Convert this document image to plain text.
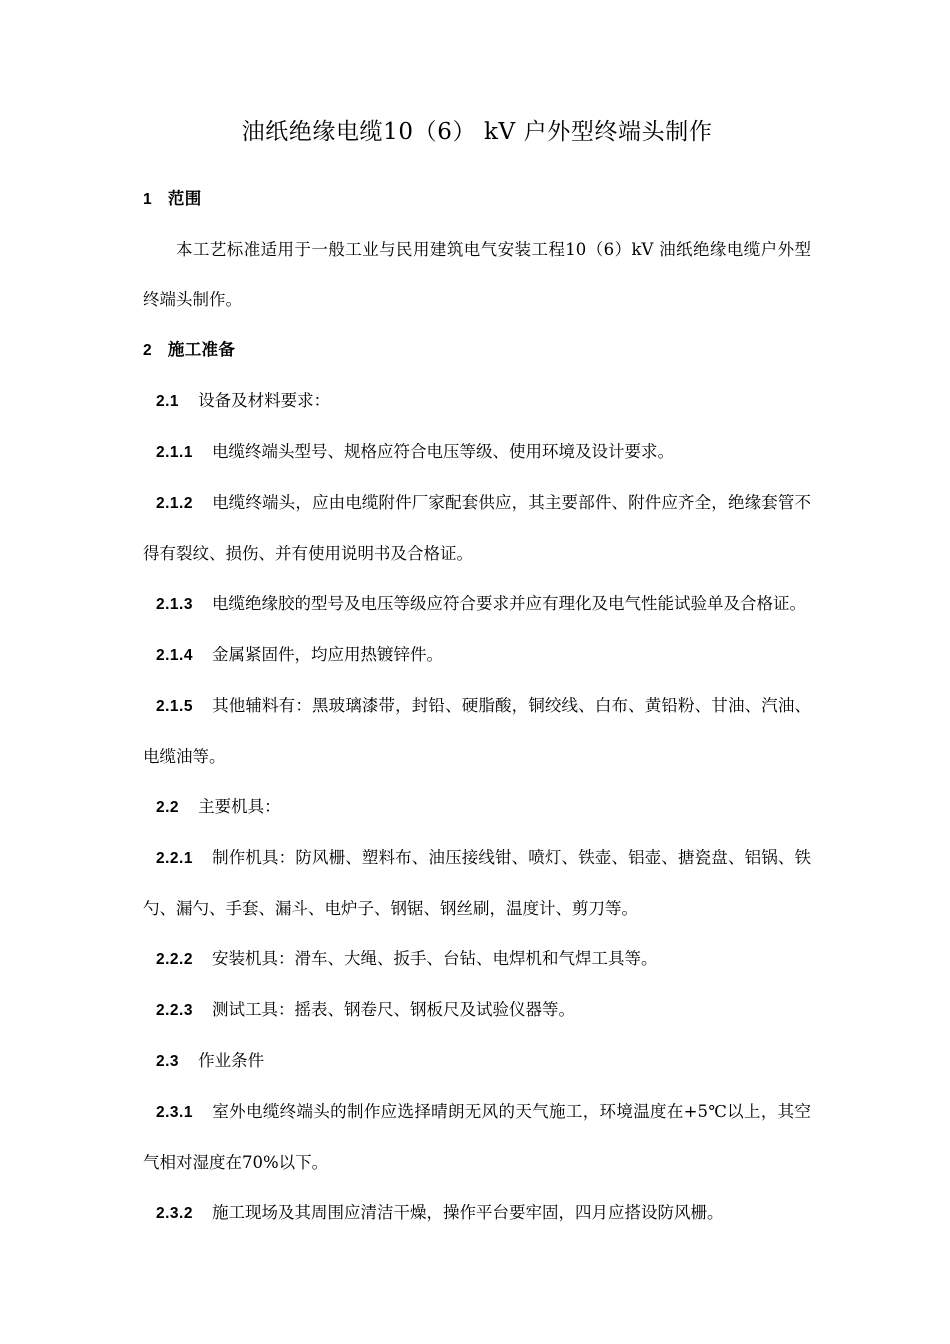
油纸绝缘电缆10（6） kV 户外型终端头制作
1 范围

本工艺标准适用于一般工业与民用建筑电气安装工程10（6）kV 油纸绝缘电缆户外型终端头制作。

2 施工准备

2.1 设备及材料要求：

2.1.1 电缆终端头型号、规格应符合电压等级、使用环境及设计要求。

2.1.2 电缆终端头，应由电缆附件厂家配套供应，其主要部件、附件应齐全，绝缘套管不得有裂纹、损伤、并有使用说明书及合格证。

2.1.3 电缆绝缘胶的型号及电压等级应符合要求并应有理化及电气性能试验单及合格证。

2.1.4 金属紧固件，均应用热镀锌件。

2.1.5 其他辅料有：黑玻璃漆带，封铅、硬脂酸，铜绞线、白布、黄铅粉、甘油、汽油、电缆油等。

2.2 主要机具：

2.2.1 制作机具：防风栅、塑料布、油压接线钳、喷灯、铁壶、铝壶、搪瓷盘、铝锅、铁勺、漏勺、手套、漏斗、电炉子、钢锯、钢丝刷，温度计、剪刀等。

2.2.2 安装机具：滑车、大绳、扳手、台钻、电焊机和气焊工具等。

2.2.3 测试工具：摇表、钢卷尺、钢板尺及试验仪器等。

2.3 作业条件

2.3.1 室外电缆终端头的制作应选择晴朗无风的天气施工，环境温度在+5℃以上，其空气相对湿度在70%以下。

2.3.2 施工现场及其周围应清洁干燥，操作平台要牢固，四月应搭设防风栅。
